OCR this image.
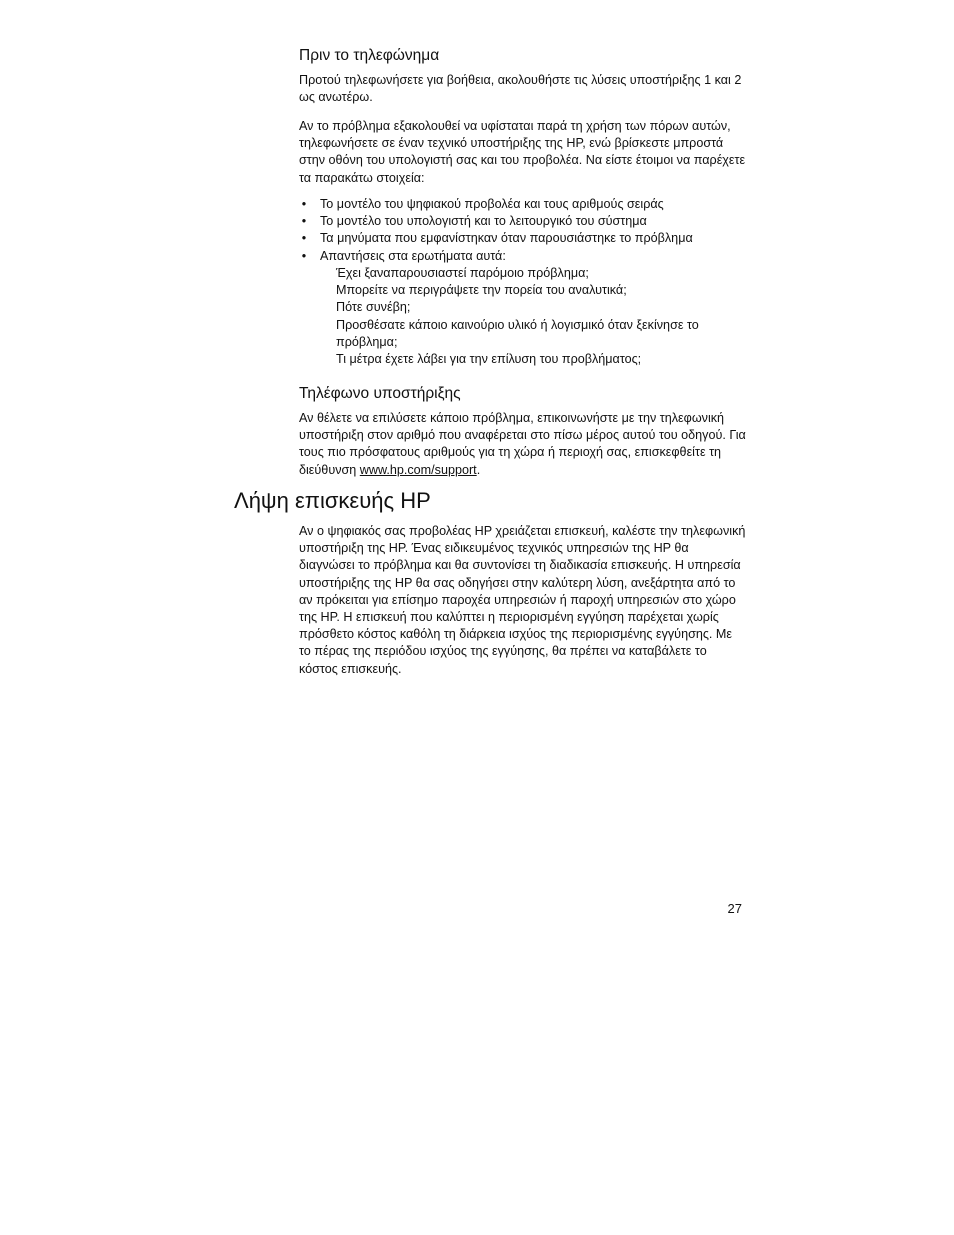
Πριν το τηλεφώνημα

Προτού τηλεφωνήσετε για βοήθεια, ακολουθήστε τις λύσεις υποστήριξης 1 και 2 ως ανωτέρω.

Αν το πρόβλημα εξακολουθεί να υφίσταται παρά τη χρήση των πόρων αυτών, τηλεφωνήσετε σε έναν τεχνικό υποστήριξης της HP, ενώ βρίσκεστε μπροστά στην οθόνη του υπολογιστή σας και του προβολέα. Να είστε έτοιμοι να παρέχετε τα παρακάτω στοιχεία:

• Το μοντέλο του ψηφιακού προβολέα και τους αριθμούς σειράς
• Το μοντέλο του υπολογιστή και το λειτουργικό του σύστημα
• Τα μηνύματα που εμφανίστηκαν όταν παρουσιάστηκε το πρόβλημα
• Απαντήσεις στα ερωτήματα αυτά:
Έχει ξαναπαρουσιαστεί παρόμοιο πρόβλημα;
Μπορείτε να περιγράψετε την πορεία του αναλυτικά;
Πότε συνέβη;
Προσθέσατε κάποιο καινούριο υλικό ή λογισμικό όταν ξεκίνησε το πρόβλημα;
Τι μέτρα έχετε λάβει για την επίλυση του προβλήματος;
Τηλέφωνο υποστήριξης

Αν θέλετε να επιλύσετε κάποιο πρόβλημα, επικοινωνήστε με την τηλεφωνική υποστήριξη στον αριθμό που αναφέρεται στο πίσω μέρος αυτού του οδηγού. Για τους πιο πρόσφατους αριθμούς για τη χώρα ή περιοχή σας, επισκεφθείτε τη διεύθυνση www.hp.com/support.

Λήψη επισκευής HP

Αν ο ψηφιακός σας προβολέας HP χρειάζεται επισκευή, καλέστε την τηλεφωνική υποστήριξη της HP. Ένας ειδικευμένος τεχνικός υπηρεσιών της HP θα διαγνώσει το πρόβλημα και θα συντονίσει τη διαδικασία επισκευής. Η υπηρεσία υποστήριξης της HP θα σας οδηγήσει στην καλύτερη λύση, ανεξάρτητα από το αν πρόκειται για επίσημο παροχέα υπηρεσιών ή παροχή υπηρεσιών στο χώρο της HP. Η επισκευή που καλύπτει η περιορισμένη εγγύηση παρέχεται χωρίς πρόσθετο κόστος καθόλη τη διάρκεια ισχύος της περιορισμένης εγγύησης. Με το πέρας της περιόδου ισχύος της εγγύησης, θα πρέπει να καταβάλετε το κόστος επισκευής.

27
